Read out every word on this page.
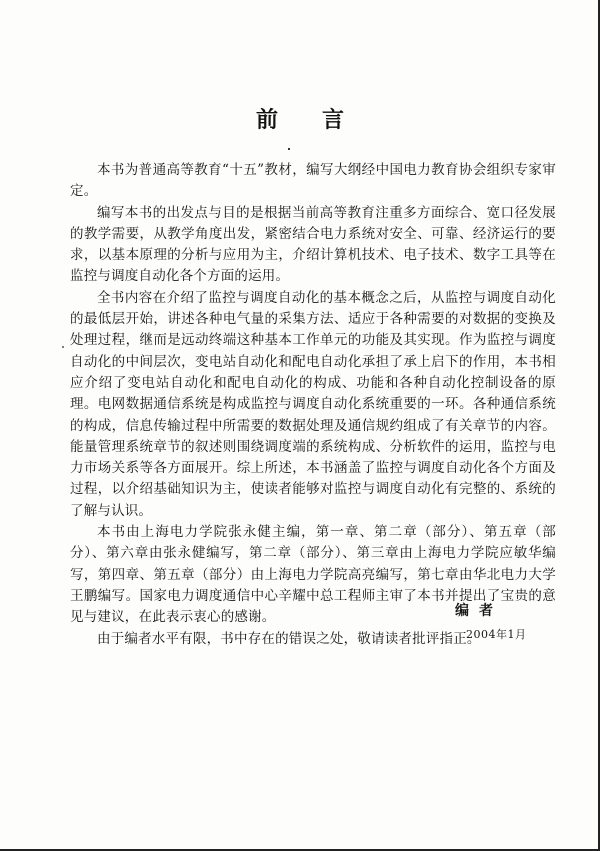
前言

本书为普通高等教育“十五”教材，编写大纲经中国电力教育协会组织专家审定。

编写本书的出发点与目的是根据当前高等教育注重多方面综合、宽口径发展的教学需要，从教学角度出发，紧密结合电力系统对安全、可靠、经济运行的要求，以基本原理的分析与应用为主，介绍计算机技术、电子技术、数字工具等在监控与调度自动化各个方面的运用。

全书内容在介绍了监控与调度自动化的基本概念之后，从监控与调度自动化的最低层开始，讲述各种电气量的采集方法、适应于各种需要的对数据的变换及处理过程，继而是远动终端这种基本工作单元的功能及其实现。作为监控与调度自动化的中间层次，变电站自动化和配电自动化承担了承上启下的作用，本书相应介绍了变电站自动化和配电自动化的构成、功能和各种自动化控制设备的原理。电网数据通信系统是构成监控与调度自动化系统重要的一环。各种通信系统的构成，信息传输过程中所需要的数据处理及通信规约组成了有关章节的内容。能量管理系统章节的叙述则围绕调度端的系统构成、分析软件的运用，监控与电力市场关系等各方面展开。综上所述，本书涵盖了监控与调度自动化各个方面及过程，以介绍基础知识为主，使读者能够对监控与调度自动化有完整的、系统的了解与认识。

本书由上海电力学院张永健主编，第一章、第二章（部分）、第五章（部分）、第六章由张永健编写，第二章（部分）、第三章由上海电力学院应敏华编写，第四章、第五章（部分）由上海电力学院高亮编写，第七章由华北电力大学王鹏编写。国家电力调度通信中心辛耀中总工程师主审了本书并提出了宝贵的意见与建议，在此表示衷心的感谢。

由于编者水平有限，书中存在的错误之处，敬请读者批评指正。

编者
2004年1月
